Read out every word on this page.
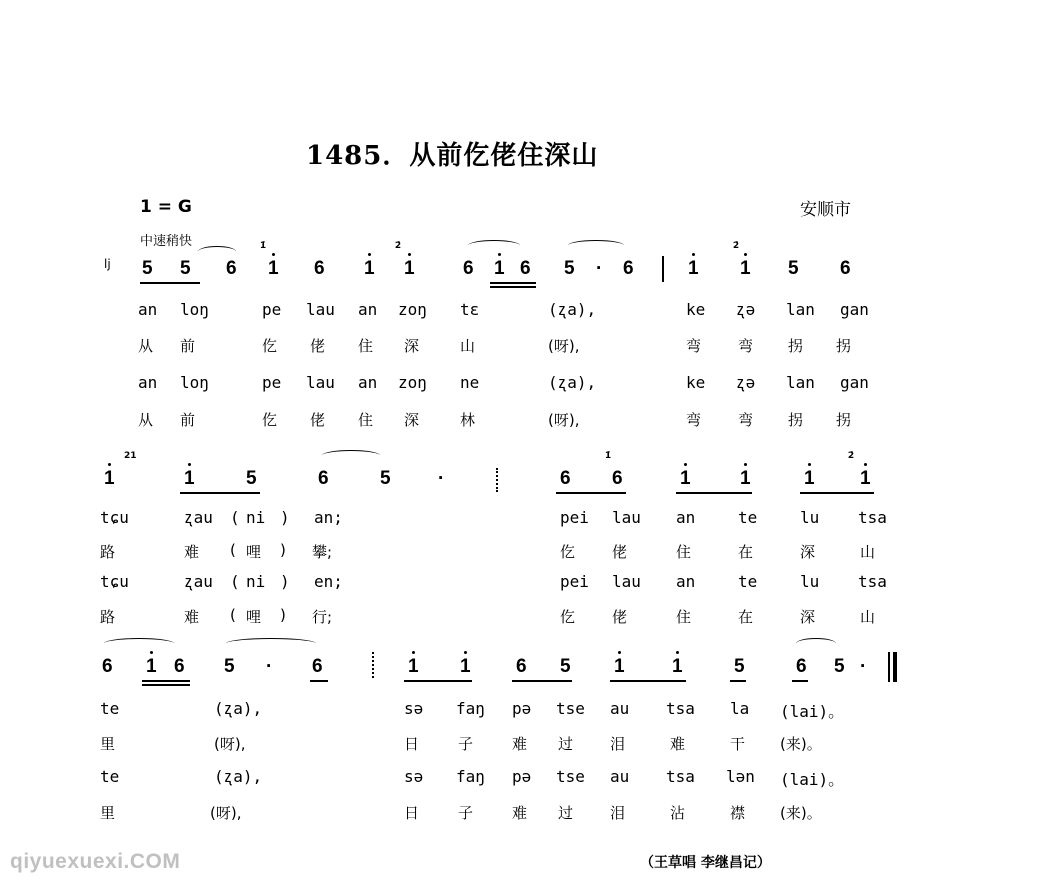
1485．从前仡佬住深山
1 = G	安顺市
中速稍快
lj
1̇	2̇	2̇
5 5 6 1 6 1 1	6 1 6 5 · 6	1 1 5 6
an loŋ	pe lau an zoŋ tɛ	(ʐa),	ke ʐə lan gan
从 前	仡 佬 住 深	山	(呀),	弯 弯 拐 拐
an loŋ	pe lau an zoŋ ne	(ʐa),	ke ʐə lan gan
从 前	仡 佬 住 深	林	(呀),	弯 弯 拐 拐
21	1̇	2̇
1	1	5	6	5 ·	6 6	1	1	1 1
tɕu	ʐau ( ni ) an;	pei lau an	te	lu tsa
路	难 ( 哩 ) 攀;	仡 佬	住	在	深	山
tɕu	ʐau ( ni ) en;	pei lau an	te	lu tsa
路	难 ( 哩 ) 行;	仡 佬	住	在	深	山
6 1 6 5 · 6	1 1 6 5 1 1	5	6 5 ·
te	(ʐa),	sə faŋ pə tse au tsa la (lai)。
里	(呀),	日	子	难 过 泪	难	干 (来)。
te	(ʐa),	sə faŋ pə tse au tsa lən (lai)。
里	(呀),	日	子	难 过 泪	沾	襟 (来)。
（王草唱 李继昌记）
qiyuexuexi.COM
